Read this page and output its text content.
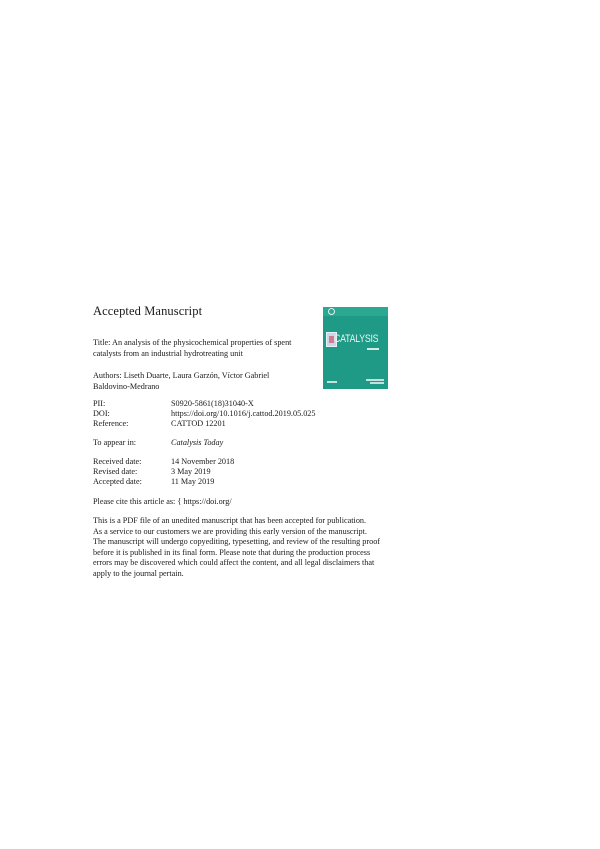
Accepted Manuscript
Title: An analysis of the physicochemical properties of spent
catalysts from an industrial hydrotreating unit
Authors: Liseth Duarte, Laura Garzón, Víctor Gabriel
Baldovino-Medrano
PII:	S0920-5861(18)31040-X
DOI:	https://doi.org/10.1016/j.cattod.2019.05.025
Reference:	CATTOD 12201
To appear in:	Catalysis Today
Received date:	14 November 2018
Revised date:	3 May 2019
Accepted date:	11 May 2019
Please cite this article as: { https://doi.org/
This is a PDF file of an unedited manuscript that has been accepted for publication.
As a service to our customers we are providing this early version of the manuscript.
The manuscript will undergo copyediting, typesetting, and review of the resulting proof
before it is published in its final form. Please note that during the production process
errors may be discovered which could affect the content, and all legal disclaimers that
apply to the journal pertain.
CATALYSIS
